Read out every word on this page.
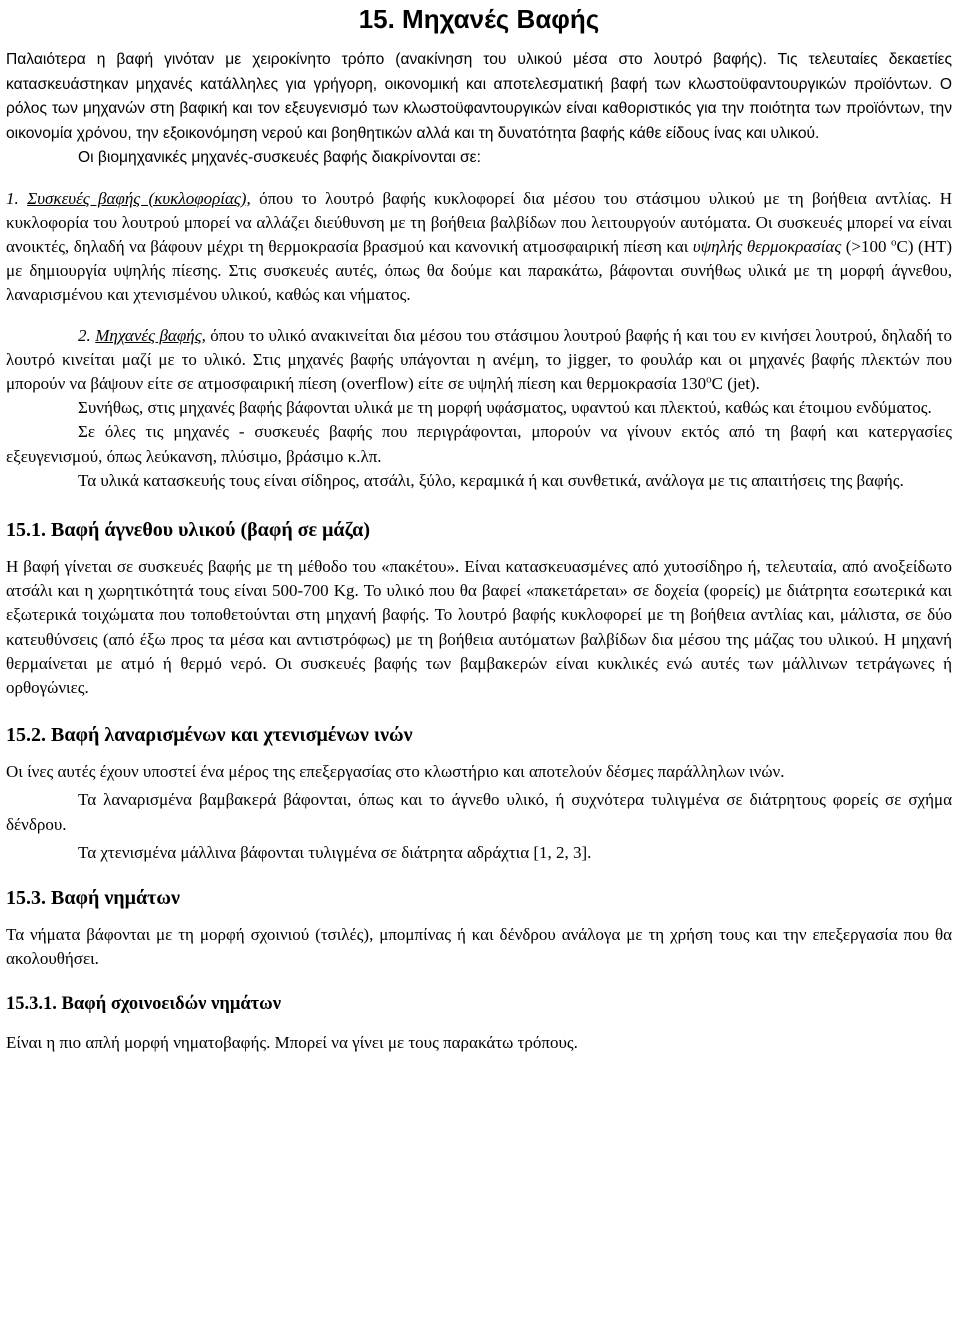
15. Μηχανές Βαφής

Παλαιότερα η βαφή γινόταν με χειροκίνητο τρόπο (ανακίνηση του υλικού μέσα στο λουτρό βαφής). Τις τελευταίες δεκαετίες κατασκευάστηκαν μηχανές κατάλληλες για γρήγορη, οικονομική και αποτελεσματική βαφή των κλωστοϋφαντουργικών προϊόντων. Ο ρόλος των μηχανών στη βαφική και τον εξευγενισμό των κλωστοϋφαντουργικών είναι καθοριστικός για την ποιότητα των προϊόντων, την οικονομία χρόνου, την εξοικονόμηση νερού και βοηθητικών αλλά και τη δυνατότητα βαφής κάθε είδους ίνας και υλικού.

Οι βιομηχανικές μηχανές-συσκευές βαφής διακρίνονται σε:

1. Συσκευές βαφής (κυκλοφορίας), όπου το λουτρό βαφής κυκλοφορεί δια μέσου του στάσιμου υλικού με τη βοήθεια αντλίας. Η κυκλοφορία του λουτρού μπορεί να αλλάζει διεύθυνση με τη βοήθεια βαλβίδων που λειτουργούν αυτόματα. Οι συσκευές μπορεί να είναι ανοικτές, δηλαδή να βάφουν μέχρι τη θερμοκρασία βρασμού και κανονική ατμοσφαιρική πίεση και υψηλής θερμοκρασίας (>100 $^o$C) (HT) με δημιουργία υψηλής πίεσης. Στις συσκευές αυτές, όπως θα δούμε και παρακάτω, βάφονται συνήθως υλικά με τη μορφή άγνεθου, λαναρισμένου και χτενισμένου υλικού, καθώς και νήματος.

2. Μηχανές βαφής, όπου το υλικό ανακινείται δια μέσου του στάσιμου λουτρού βαφής ή και του εν κινήσει λουτρού, δηλαδή το λουτρό κινείται μαζί με το υλικό. Στις μηχανές βαφής υπάγονται η ανέμη, το jigger, το φουλάρ και οι μηχανές βαφής πλεκτών που μπορούν να βάψουν είτε σε ατμοσφαιρική πίεση (overflow) είτε σε υψηλή πίεση και θερμοκρασία 130$^o$C (jet).

Συνήθως, στις μηχανές βαφής βάφονται υλικά με τη μορφή υφάσματος, υφαντού και πλεκτού, καθώς και έτοιμου ενδύματος.

Σε όλες τις μηχανές - συσκευές βαφής που περιγράφονται, μπορούν να γίνουν εκτός από τη βαφή και κατεργασίες εξευγενισμού, όπως λεύκανση, πλύσιμο, βράσιμο κ.λπ.

Τα υλικά κατασκευής τους είναι σίδηρος, ατσάλι, ξύλο, κεραμικά ή και συνθετικά, ανάλογα με τις απαιτήσεις της βαφής.

15.1. Βαφή άγνεθου υλικού (βαφή σε μάζα)

Η βαφή γίνεται σε συσκευές βαφής με τη μέθοδο του «πακέτου». Είναι κατασκευασμένες από χυτοσίδηρο ή, τελευταία, από ανοξείδωτο ατσάλι και η χωρητικότητά τους είναι 500-700 Kg. Το υλικό που θα βαφεί «πακετάρεται» σε δοχεία (φορείς) με διάτρητα εσωτερικά και εξωτερικά τοιχώματα που τοποθετούνται στη μηχανή βαφής. Το λουτρό βαφής κυκλοφορεί με τη βοήθεια αντλίας και, μάλιστα, σε δύο κατευθύνσεις (από έξω προς τα μέσα και αντιστρόφως) με τη βοήθεια αυτόματων βαλβίδων δια μέσου της μάζας του υλικού. Η μηχανή θερμαίνεται με ατμό ή θερμό νερό. Οι συσκευές βαφής των βαμβακερών είναι κυκλικές ενώ αυτές των μάλλινων τετράγωνες ή ορθογώνιες.

15.2. Βαφή λαναρισμένων και χτενισμένων ινών

Οι ίνες αυτές έχουν υποστεί ένα μέρος της επεξεργασίας στο κλωστήριο και αποτελούν δέσμες παράλληλων ινών.

Τα λαναρισμένα βαμβακερά βάφονται, όπως και το άγνεθο υλικό, ή συχνότερα τυλιγμένα σε διάτρητους φορείς σε σχήμα δένδρου.

Τα χτενισμένα μάλλινα βάφονται τυλιγμένα σε διάτρητα αδράχτια [1, 2, 3].

15.3. Βαφή νημάτων

Τα νήματα βάφονται με τη μορφή σχοινιού (τσιλές), μπομπίνας ή και δένδρου ανάλογα με τη χρήση τους και την επεξεργασία που θα ακολουθήσει.

15.3.1. Βαφή σχοινοειδών νημάτων

Είναι η πιο απλή μορφή νηματοβαφής. Μπορεί να γίνει με τους παρακάτω τρόπους.
